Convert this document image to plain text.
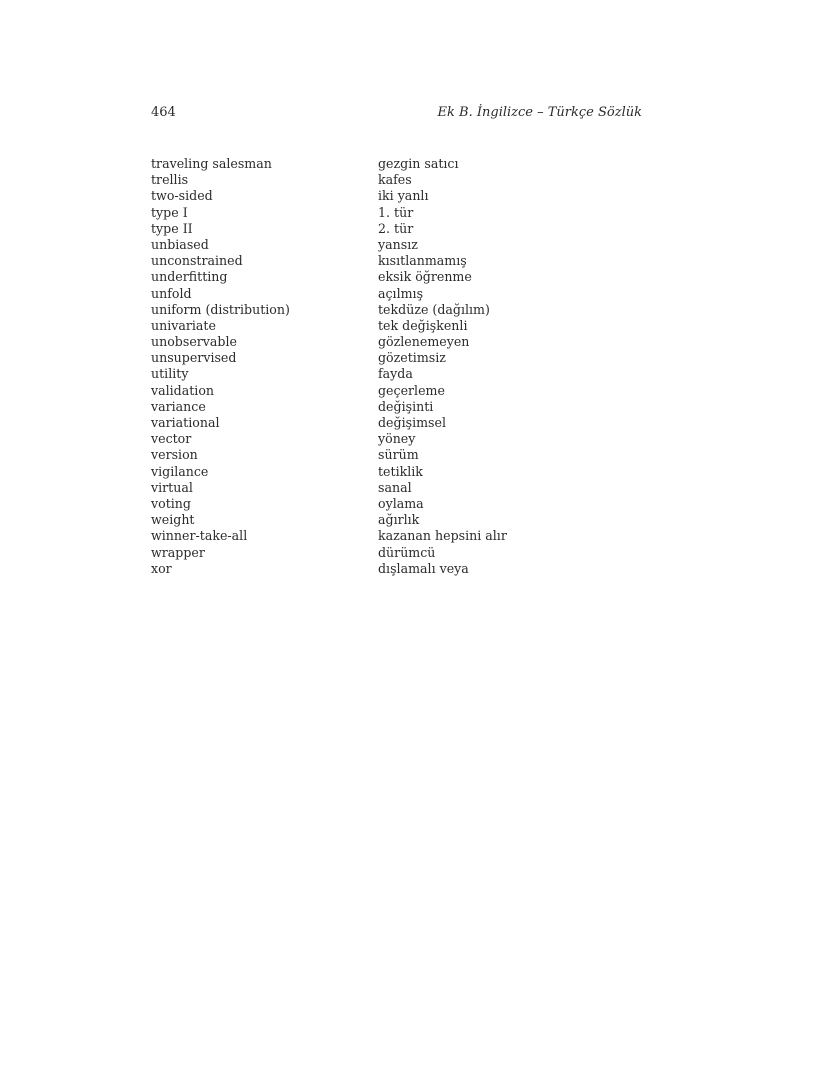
464	Ek B. İngilizce – Türkçe Sözlük
traveling salesman	gezgin satıcı
trellis	kafes
two-sided	iki yanlı
type I	1. tür
type II	2. tür
unbiased	yansız
unconstrained	kısıtlanmamış
underfitting	eksik öğrenme
unfold	açılmış
uniform (distribution)	tekdüze (dağılım)
univariate	tek değişkenli
unobservable	gözlenemeyen
unsupervised	gözetimsiz
utility	fayda
validation	geçerleme
variance	değişinti
variational	değişimsel
vector	yöney
version	sürüm
vigilance	tetiklik
virtual	sanal
voting	oylama
weight	ağırlık
winner-take-all	kazanan hepsini alır
wrapper	dürümcü
xor	dışlamalı veya
